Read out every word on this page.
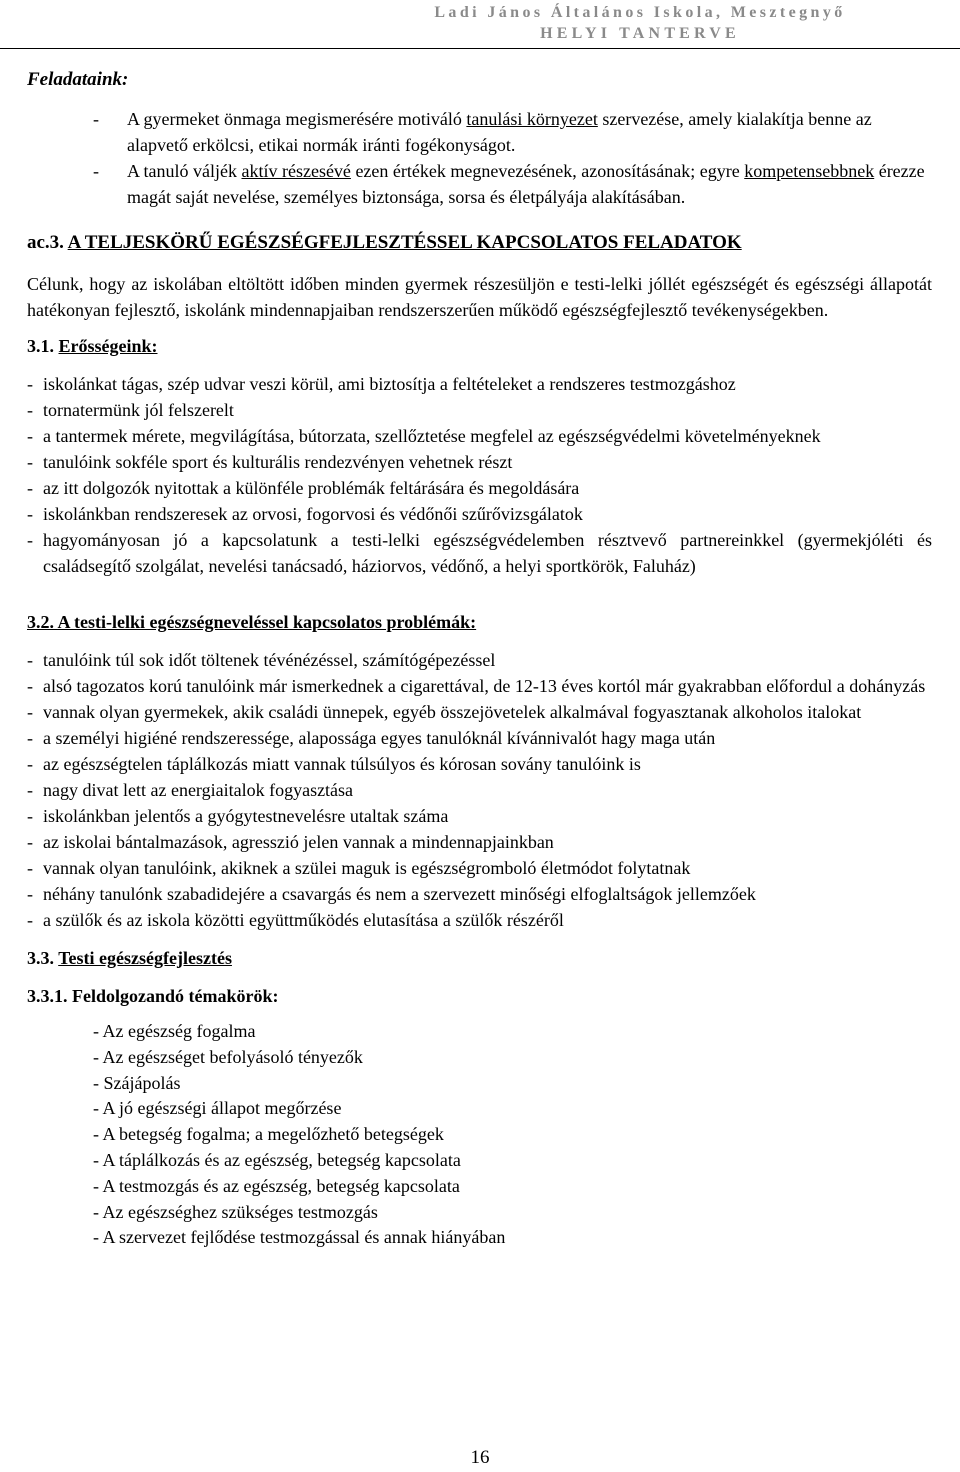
Ladi János Általános Iskola, Mesztegnyő
HELYI TANTERVE
Feladataink:
-	A gyermeket önmaga megismerésére motiváló tanulási környezet szervezése, amely kialakítja benne az alapvető erkölcsi, etikai normák iránti fogékonyságot.
-	A tanuló váljék aktív részesévé ezen értékek megnevezésének, azonosításának; egyre kompetensebbnek érezze magát saját nevelése, személyes biztonsága, sorsa és életpályája alakításában.
ac.3. A TELJESKÖRŰ EGÉSZSÉGFEJLESZTÉSSEL KAPCSOLATOS FELADATOK
Célunk, hogy az iskolában eltöltött időben minden gyermek részesüljön e testi-lelki jóllét egészségét és egészségi állapotát hatékonyan fejlesztő, iskolánk mindennapjaiban rendszerszerűen működő egészségfejlesztő tevékenységekben.
3.1. Erősségeink:
- iskolánkat tágas, szép udvar veszi körül, ami biztosítja a feltételeket a rendszeres testmozgáshoz
- tornatermünk jól felszerelt
- a tantermek mérete, megvilágítása, bútorzata, szellőztetése megfelel az egészségvédelmi követelményeknek
- tanulóink sokféle sport és kulturális rendezvényen vehetnek részt
- az itt dolgozók nyitottak a különféle problémák feltárására és megoldására
- iskolánkban rendszeresek az orvosi, fogorvosi és védőnői szűrővizsgálatok
- hagyományosan jó a kapcsolatunk a testi-lelki egészségvédelemben résztvevő partnereinkkel (gyermekjóléti és családsegítő szolgálat, nevelési tanácsadó, háziorvos, védőnő, a helyi sportkörök, Faluház)
3.2. A testi-lelki egészségneveléssel kapcsolatos problémák:
- tanulóink túl sok időt töltenek tévénézéssel, számítógépezéssel
- alsó tagozatos korú tanulóink már ismerkednek a cigarettával, de 12-13 éves kortól már gyakrabban előfordul a dohányzás
- vannak olyan gyermekek, akik családi ünnepek, egyéb összejövetelek alkalmával fogyasztanak alkoholos italokat
- a személyi higiéné rendszeressége, alapossága egyes tanulóknál kívánnivalót hagy maga után
- az egészségtelen táplálkozás miatt vannak túlsúlyos és kórosan sovány tanulóink is
- nagy divat lett az energiaitalok fogyasztása
- iskolánkban jelentős a gyógytestnevelésre utaltak száma
- az iskolai bántalmazások, agresszió jelen vannak a mindennapjainkban
- vannak olyan tanulóink, akiknek a szülei maguk is egészségromboló életmódot folytatnak
- néhány tanulónk szabadidejére a csavargás és nem a szervezett minőségi elfoglaltságok jellemzőek
- a szülők és az iskola közötti együttműködés elutasítása a szülők részéről
3.3. Testi egészségfejlesztés
3.3.1. Feldolgozandó témakörök:
- Az egészség fogalma
- Az egészséget befolyásoló tényezők
- Szájápolás
- A jó egészségi állapot megőrzése
- A betegség fogalma; a megelőzhető betegségek
- A táplálkozás és az egészség, betegség kapcsolata
- A testmozgás és az egészség, betegség kapcsolata
- Az egészséghez szükséges testmozgás
- A szervezet fejlődése testmozgással és annak hiányában
16
